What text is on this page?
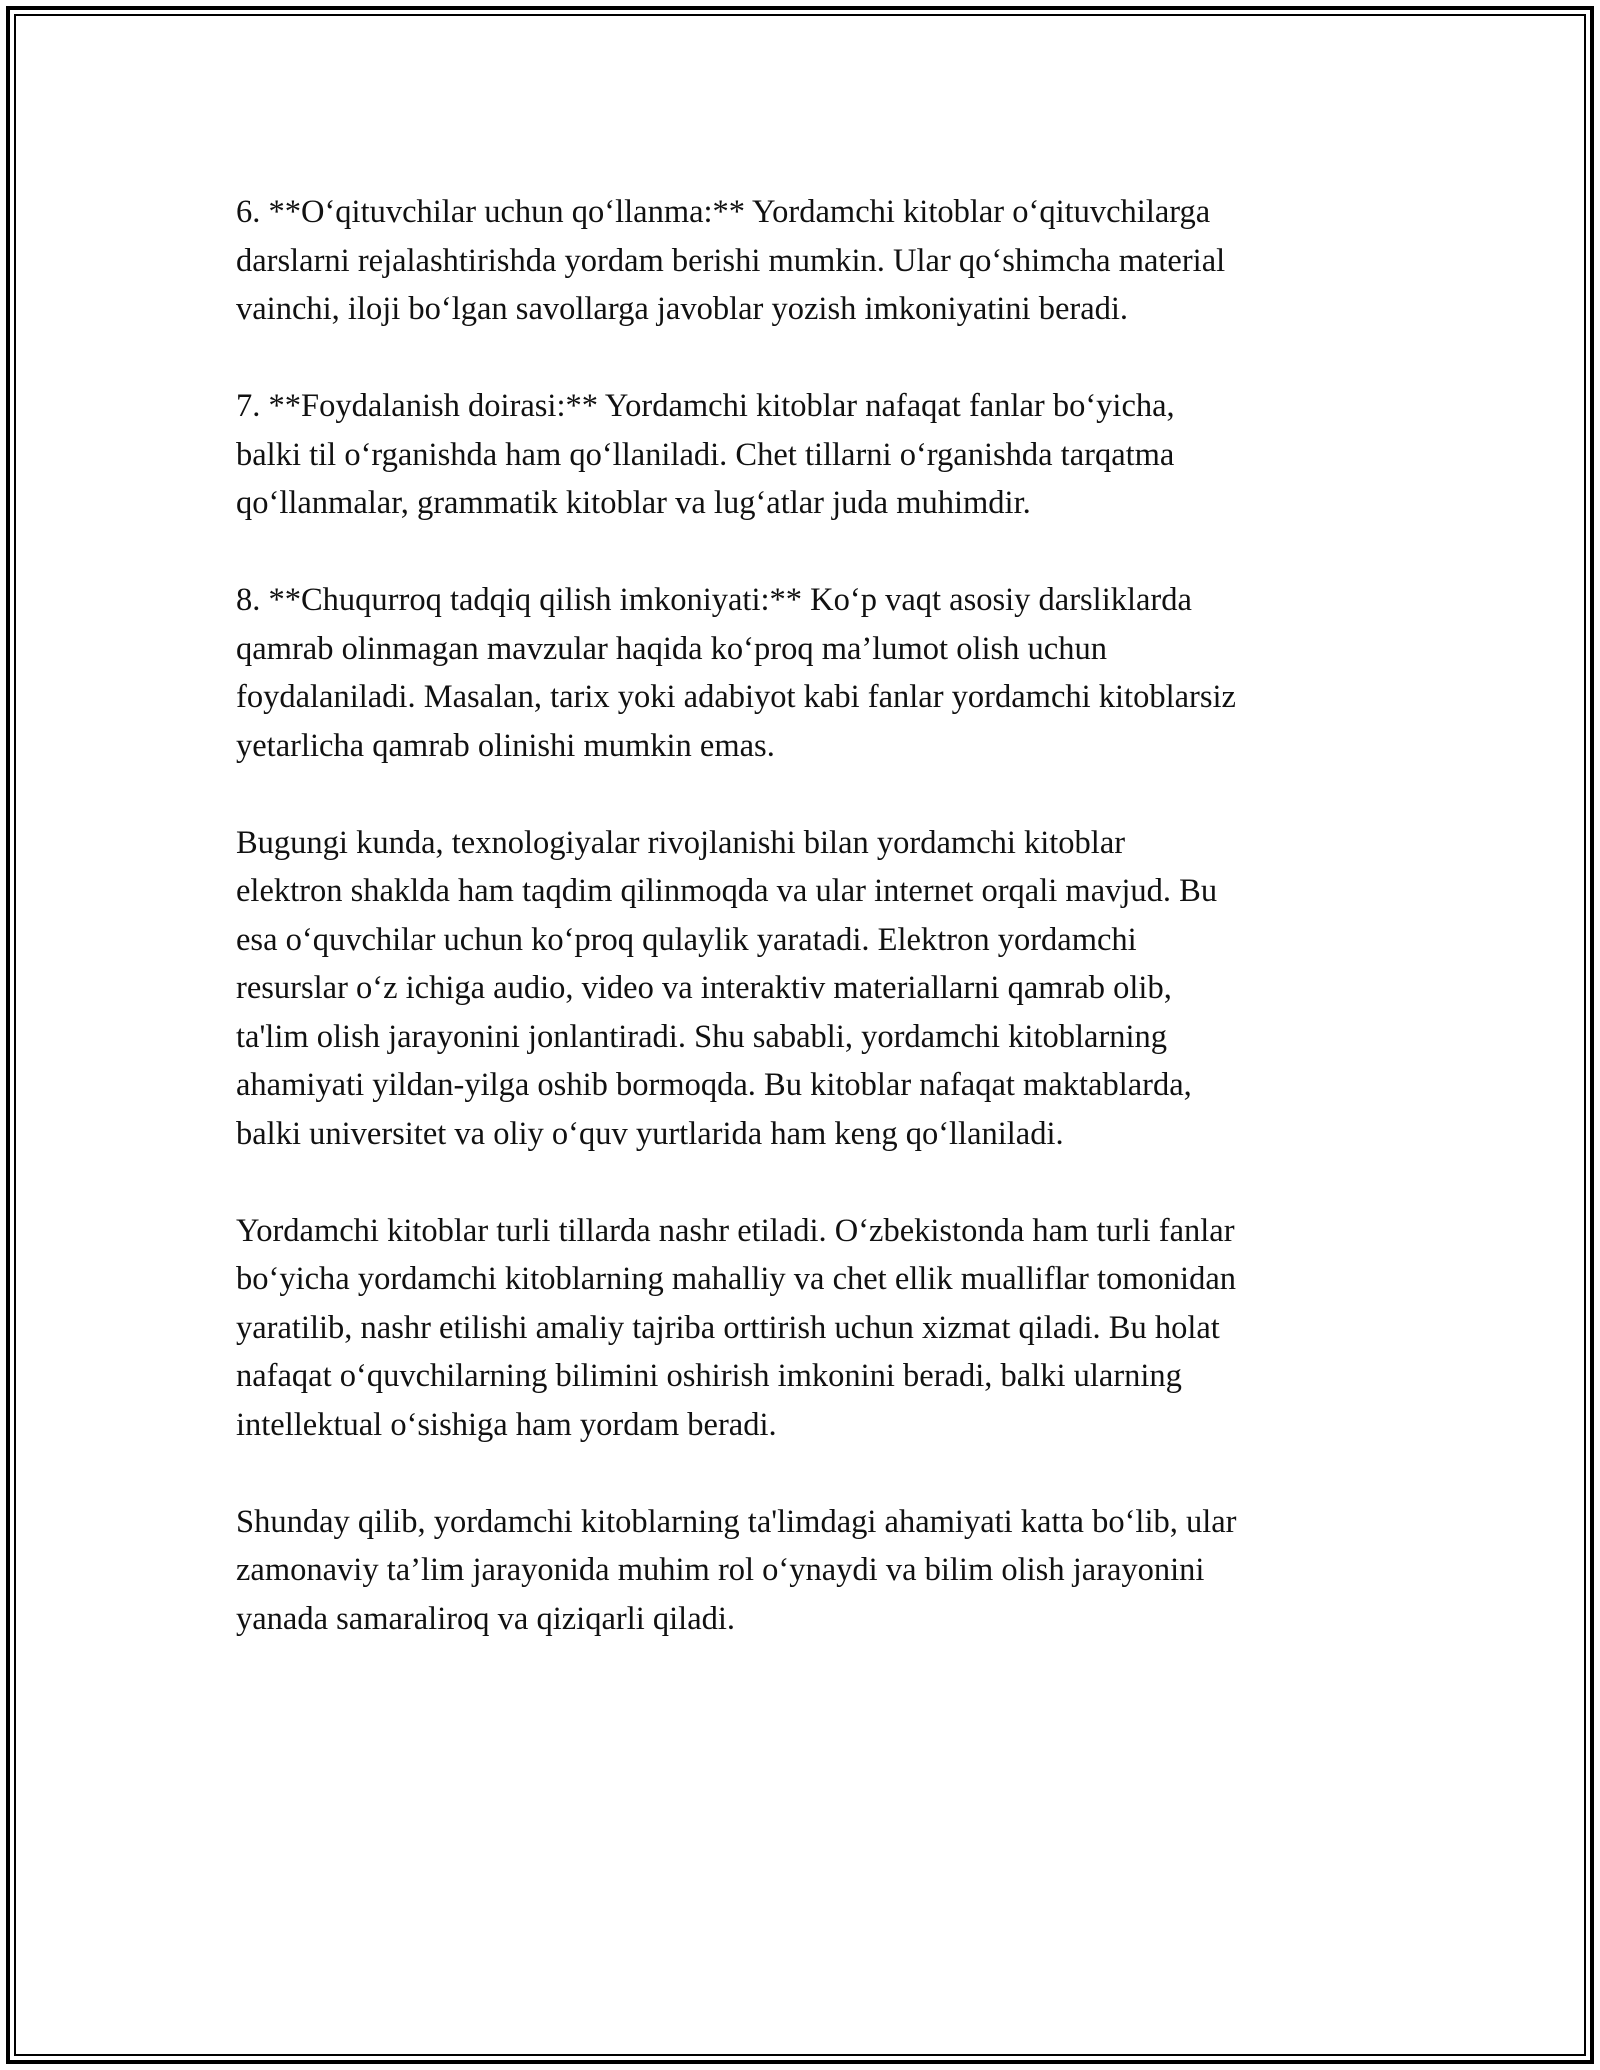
6. **O‘qituvchilar uchun qo‘llanma:** Yordamchi kitoblar o‘qituvchilarga
darslarni rejalashtirishda yordam berishi mumkin. Ular qo‘shimcha material
vainchi, iloji bo‘lgan savollarga javoblar yozish imkoniyatini beradi.

7. **Foydalanish doirasi:** Yordamchi kitoblar nafaqat fanlar bo‘yicha,
balki til o‘rganishda ham qo‘llaniladi. Chet tillarni o‘rganishda tarqatma
qo‘llanmalar, grammatik kitoblar va lug‘atlar juda muhimdir.

8. **Chuqurroq tadqiq qilish imkoniyati:** Ko‘p vaqt asosiy darsliklarda
qamrab olinmagan mavzular haqida ko‘proq ma’lumot olish uchun
foydalaniladi. Masalan, tarix yoki adabiyot kabi fanlar yordamchi kitoblarsiz
yetarlicha qamrab olinishi mumkin emas.

Bugungi kunda, texnologiyalar rivojlanishi bilan yordamchi kitoblar
elektron shaklda ham taqdim qilinmoqda va ular internet orqali mavjud. Bu
esa o‘quvchilar uchun ko‘proq qulaylik yaratadi. Elektron yordamchi
resurslar o‘z ichiga audio, video va interaktiv materiallarni qamrab olib,
ta'lim olish jarayonini jonlantiradi. Shu sababli, yordamchi kitoblarning
ahamiyati yildan-yilga oshib bormoqda. Bu kitoblar nafaqat maktablarda,
balki universitet va oliy o‘quv yurtlarida ham keng qo‘llaniladi.

Yordamchi kitoblar turli tillarda nashr etiladi. O‘zbekistonda ham turli fanlar
bo‘yicha yordamchi kitoblarning mahalliy va chet ellik mualliflar tomonidan
yaratilib, nashr etilishi amaliy tajriba orttirish uchun xizmat qiladi. Bu holat
nafaqat o‘quvchilarning bilimini oshirish imkonini beradi, balki ularning
intellektual o‘sishiga ham yordam beradi.

Shunday qilib, yordamchi kitoblarning ta'limdagi ahamiyati katta bo‘lib, ular
zamonaviy ta’lim jarayonida muhim rol o‘ynaydi va bilim olish jarayonini
yanada samaraliroq va qiziqarli qiladi.
